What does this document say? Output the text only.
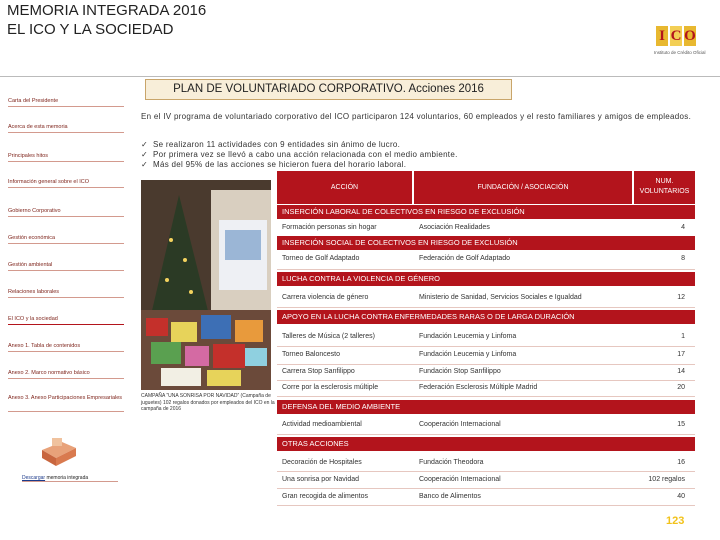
MEMORIA INTEGRADA 2016
EL ICO Y LA SOCIEDAD	I C O
Instituto de Crédito Oficial
PLAN DE VOLUNTARIADO CORPORATIVO. Acciones 2016
Carta del Presidente
Acerca de esta memoria
Principales hitos
Información general sobre el ICO
Gobierno Corporativo
Gestión económica
Gestión ambiental
Relaciones laborales
El ICO y la sociedad
Anexo 1. Tabla de contenidos
Anexo 2. Marco normativo básico
Anexo 3. Anexo Participaciones Empresariales
Descargar memoria integrada
En el IV programa de voluntariado corporativo del ICO participaron 124 voluntarios, 60 empleados y el resto familiares y amigos de empleados.
✓ Se realizaron 11 actividades con 9 entidades sin ánimo de lucro.
✓ Por primera vez se llevó a cabo una acción relacionada con el medio ambiente.
✓ Más del 95% de las acciones se hicieron fuera del horario laboral.
CAMPAÑA “UNA SONRISA POR NAVIDAD” (Campaña de juguetes) 102 regalos donados por empleados del ICO en la campaña de 2016
ACCIÓN	FUNDACIÓN / ASOCIACIÓN
NUM. VOLUNTARIOS
INSERCIÓN LABORAL DE COLECTIVOS EN RIESGO DE EXCLUSIÓN
Formación personas sin hogar	Asociación Realidades	4
INSERCIÓN SOCIAL DE COLECTIVOS EN RIESGO DE EXCLUSIÓN
Torneo de Golf Adaptado	Federación de Golf Adaptado	8
LUCHA CONTRA LA VIOLENCIA DE GÉNERO
Carrera violencia de género	Ministerio de Sanidad, Servicios Sociales e Igualdad	12
APOYO EN LA LUCHA CONTRA ENFERMEDADES RARAS O DE LARGA DURACIÓN
Talleres de Música (2 talleres)	Fundación Leucemia y Linfoma	1
Torneo Baloncesto	Fundación Leucemia y Linfoma	17
Carrera Stop Sanfilippo	Fundación Stop Sanfilippo	14
Corre por la esclerosis múltiple	Federación Esclerosis Múltiple Madrid	20
DEFENSA DEL MEDIO AMBIENTE
Actividad medioambiental	Cooperación Internacional	15
OTRAS ACCIONES
Decoración de Hospitales	Fundación Theodora	16
Una sonrisa por Navidad	Cooperación Internacional	102 regalos
Gran recogida de alimentos	Banco de Alimentos	40
123
